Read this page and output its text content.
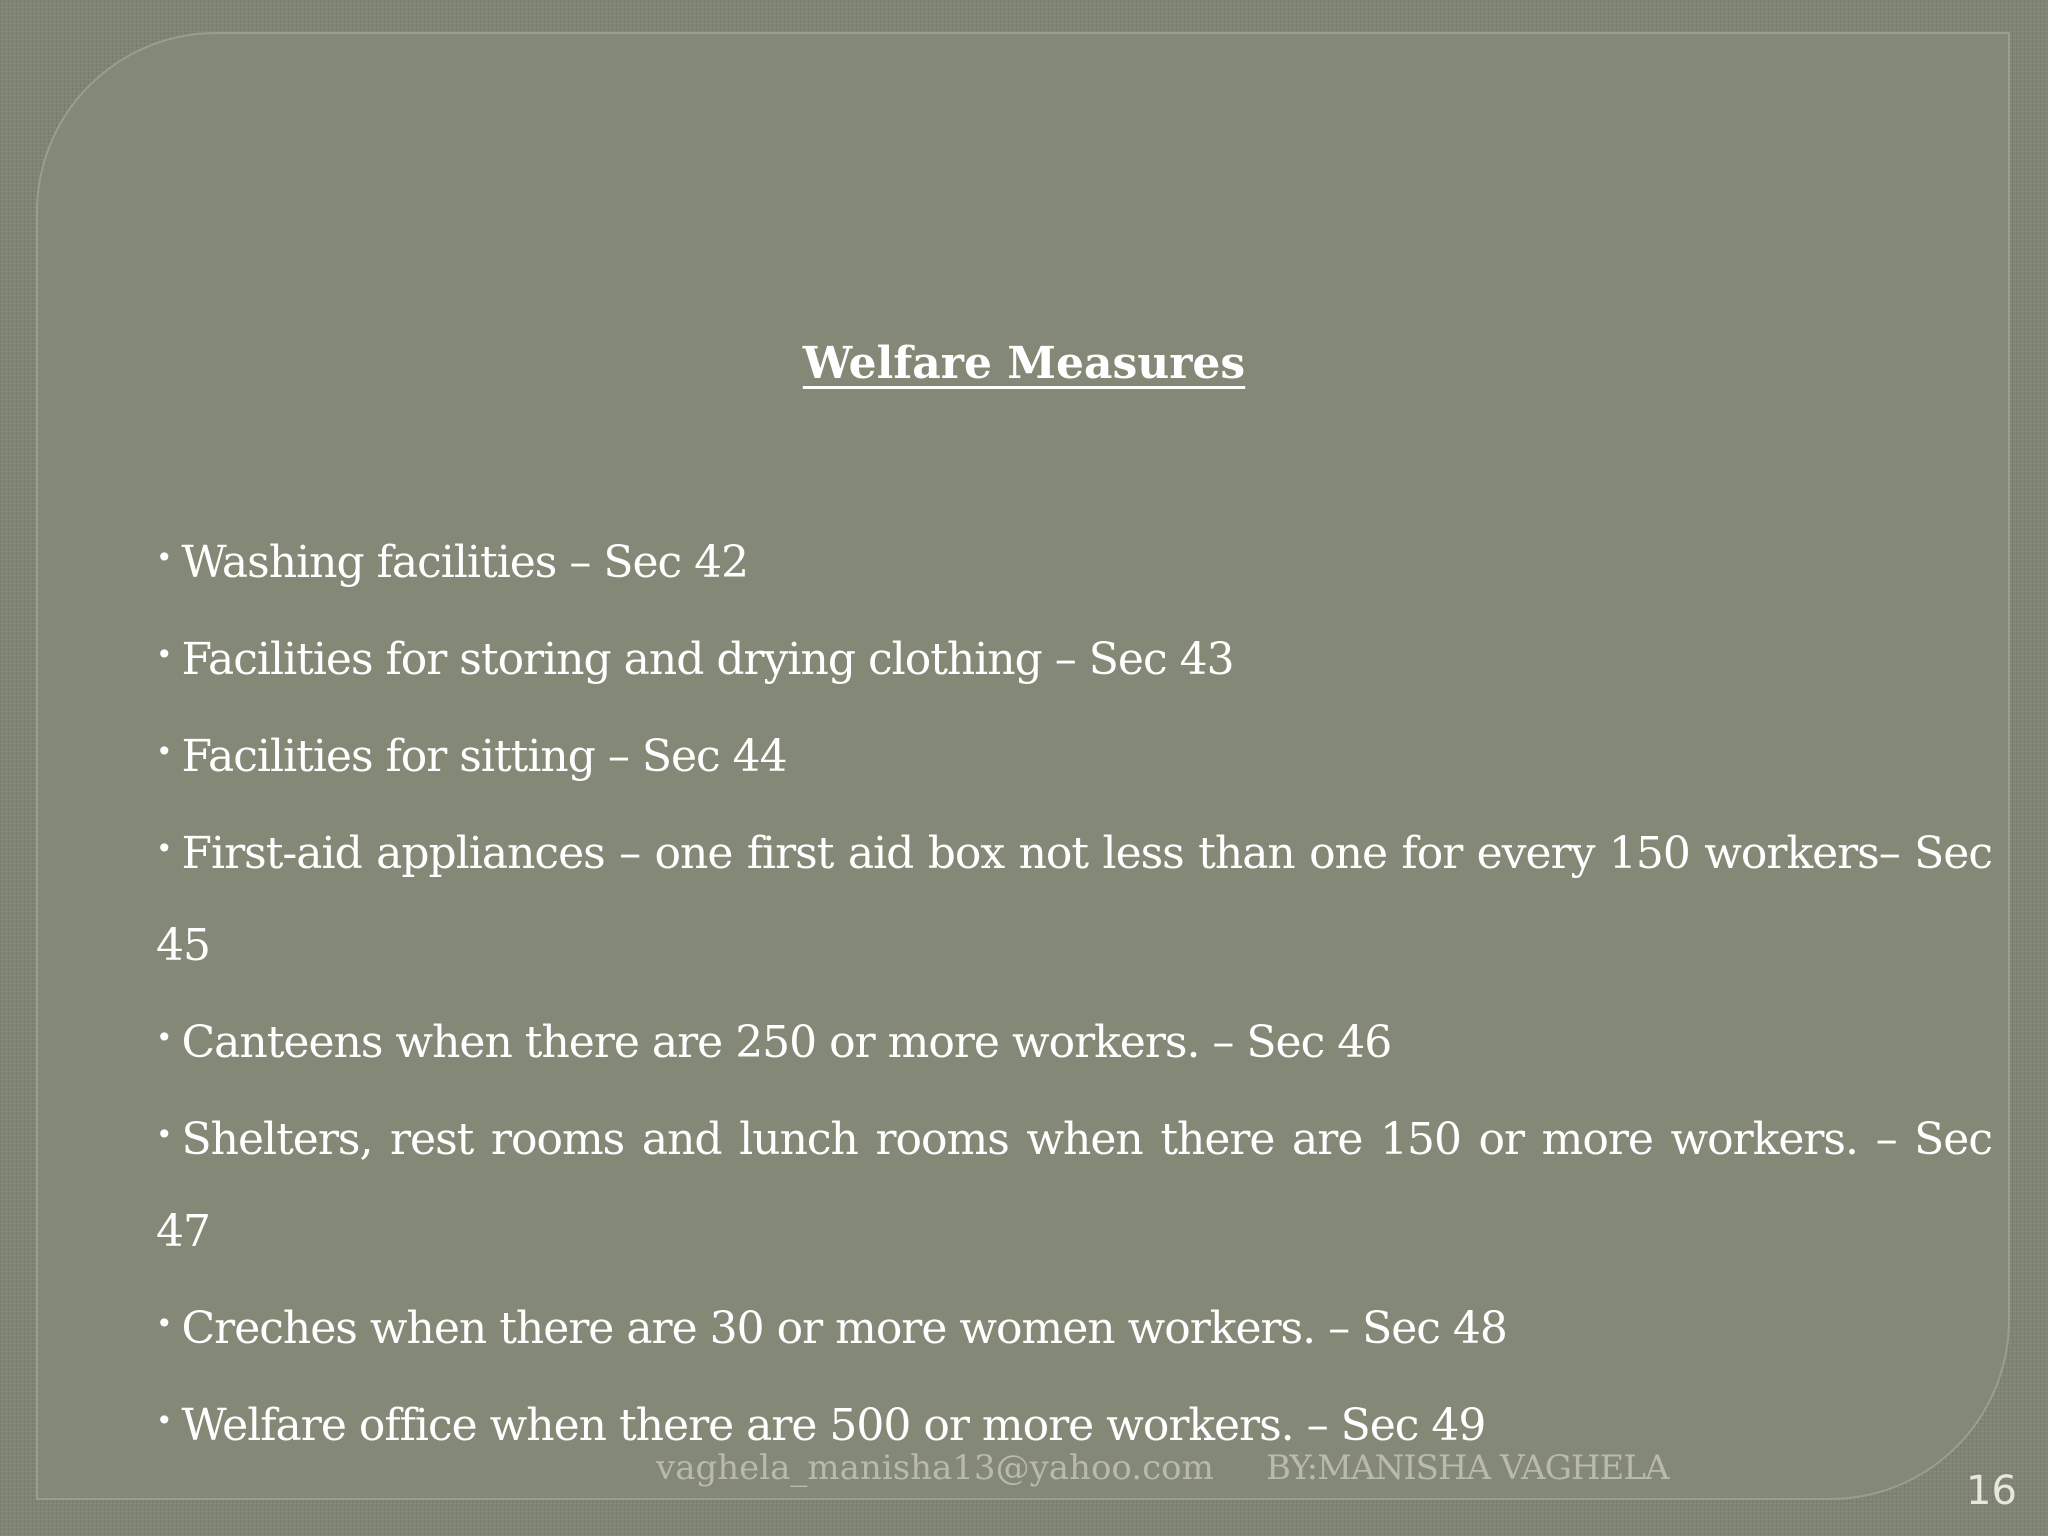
Welfare Measures

• Washing facilities – Sec 42

• Facilities for storing and drying clothing – Sec 43

• Facilities for sitting – Sec 44

• First-aid appliances – one first aid box not less than one for every 150 workers– Sec 45

• Canteens when there are 250 or more workers. – Sec 46

• Shelters, rest rooms and lunch rooms when there are 150 or more workers. – Sec 47

• Creches when there are 30 or more women workers. – Sec 48

• Welfare office when there are 500 or more workers. – Sec 49

vaghela_manisha13@yahoo.com BY:MANISHA VAGHELA	16
